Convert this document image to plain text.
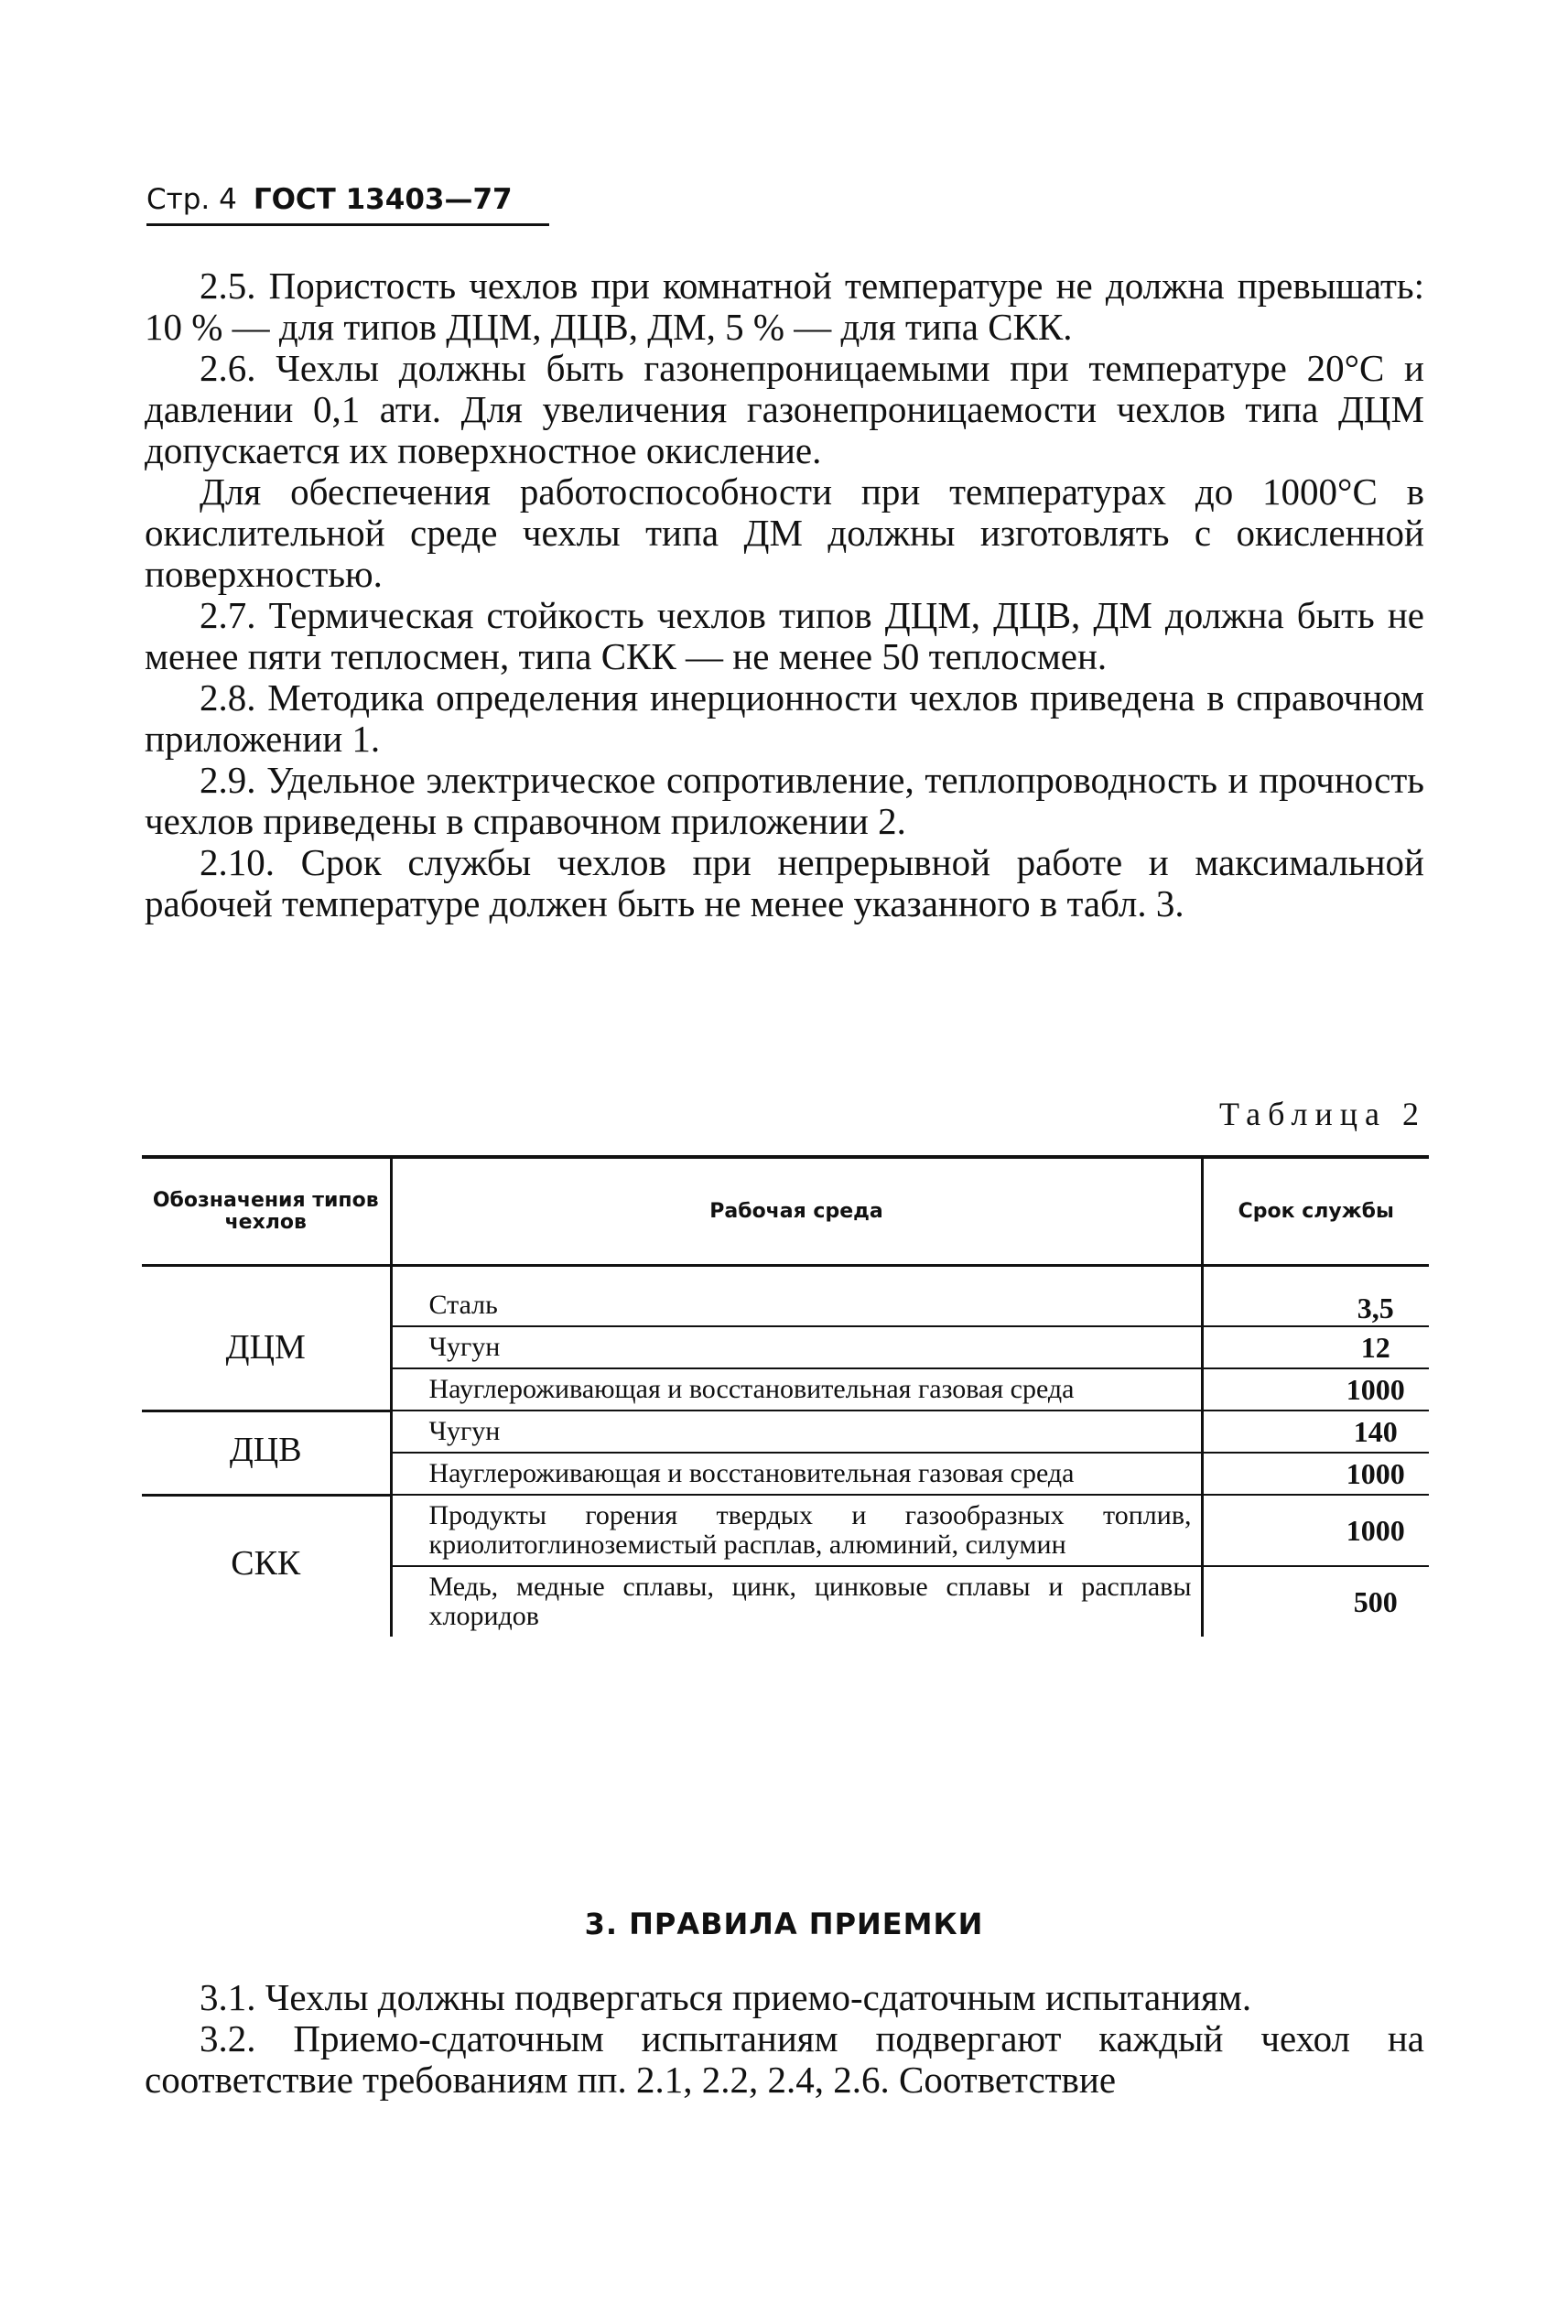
Стр. 4 ГОСТ 13403—77

2.5. Пористость чехлов при комнатной температуре не должна превышать: 10 % — для типов ДЦМ, ДЦВ, ДМ, 5 % — для типа СКК.

2.6. Чехлы должны быть газонепроницаемыми при температуре 20°С и давлении 0,1 ати. Для увеличения газонепроницаемости чехлов типа ДЦМ допускается их поверхностное окисление.

Для обеспечения работоспособности при температурах до 1000°С в окислительной среде чехлы типа ДМ должны изготовлять с окисленной поверхностью.

2.7. Термическая стойкость чехлов типов ДЦМ, ДЦВ, ДМ должна быть не менее пяти теплосмен, типа СКК — не менее 50 теплосмен.

2.8. Методика определения инерционности чехлов приведена в справочном приложении 1.

2.9. Удельное электрическое сопротивление, теплопроводность и прочность чехлов приведены в справочном приложении 2.

2.10. Срок службы чехлов при непрерывной работе и максимальной рабочей температуре должен быть не менее указанного в табл. 3.

Таблица 2
Обозначения типов чехлов	Рабочая среда	Срок службы
ДЦМ	Сталь	3,5
	Чугун	12
	Науглероживающая и восстановительная газовая среда	1000
ДЦВ	Чугун	140
	Науглероживающая и восстановительная газовая среда	1000
СКК	Продукты горения твердых и газообразных топлив, криолитоглиноземистый расплав, алюминий, силумин	1000
	Медь, медные сплавы, цинк, цинковые сплавы и расплавы хлоридов	500
3. ПРАВИЛА ПРИЕМКИ

3.1. Чехлы должны подвергаться приемо-сдаточным испытаниям.

3.2. Приемо-сдаточным испытаниям подвергают каждый чехол на соответствие требованиям пп. 2.1, 2.2, 2.4, 2.6. Соответствие
